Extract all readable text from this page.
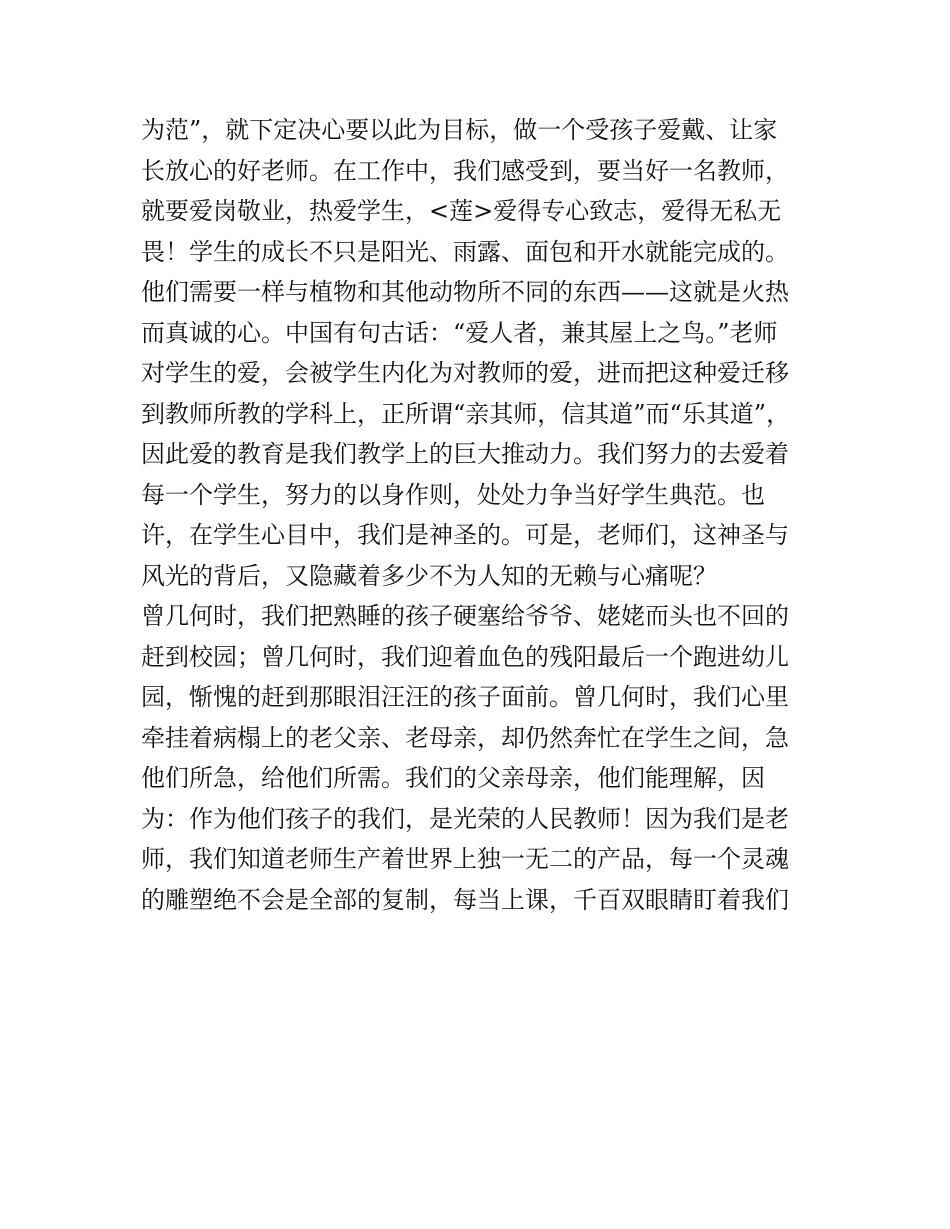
为范”，就下定决心要以此为目标，做一个受孩子爱戴、让家
长放心的好老师。在工作中，我们感受到，要当好一名教师，
就要爱岗敬业，热爱学生，<莲>爱得专心致志，爱得无私无
畏！学生的成长不只是阳光、雨露、面包和开水就能完成的。
他们需要一样与植物和其他动物所不同的东西——这就是火热
而真诚的心。中国有句古话：“爱人者，兼其屋上之鸟。”老师
对学生的爱，会被学生内化为对教师的爱，进而把这种爱迁移
到教师所教的学科上，正所谓“亲其师，信其道”而“乐其道”，
因此爱的教育是我们教学上的巨大推动力。我们努力的去爱着
每一个学生，努力的以身作则，处处力争当好学生典范。也
许，在学生心目中，我们是神圣的。可是，老师们，这神圣与
风光的背后，又隐藏着多少不为人知的无赖与心痛呢？
曾几何时，我们把熟睡的孩子硬塞给爷爷、姥姥而头也不回的
赶到校园；曾几何时，我们迎着血色的残阳最后一个跑进幼儿
园，惭愧的赶到那眼泪汪汪的孩子面前。曾几何时，我们心里
牵挂着病榻上的老父亲、老母亲，却仍然奔忙在学生之间，急
他们所急，给他们所需。我们的父亲母亲，他们能理解，因
为：作为他们孩子的我们，是光荣的人民教师！因为我们是老
师，我们知道老师生产着世界上独一无二的产品，每一个灵魂
的雕塑绝不会是全部的复制，每当上课，千百双眼睛盯着我们
